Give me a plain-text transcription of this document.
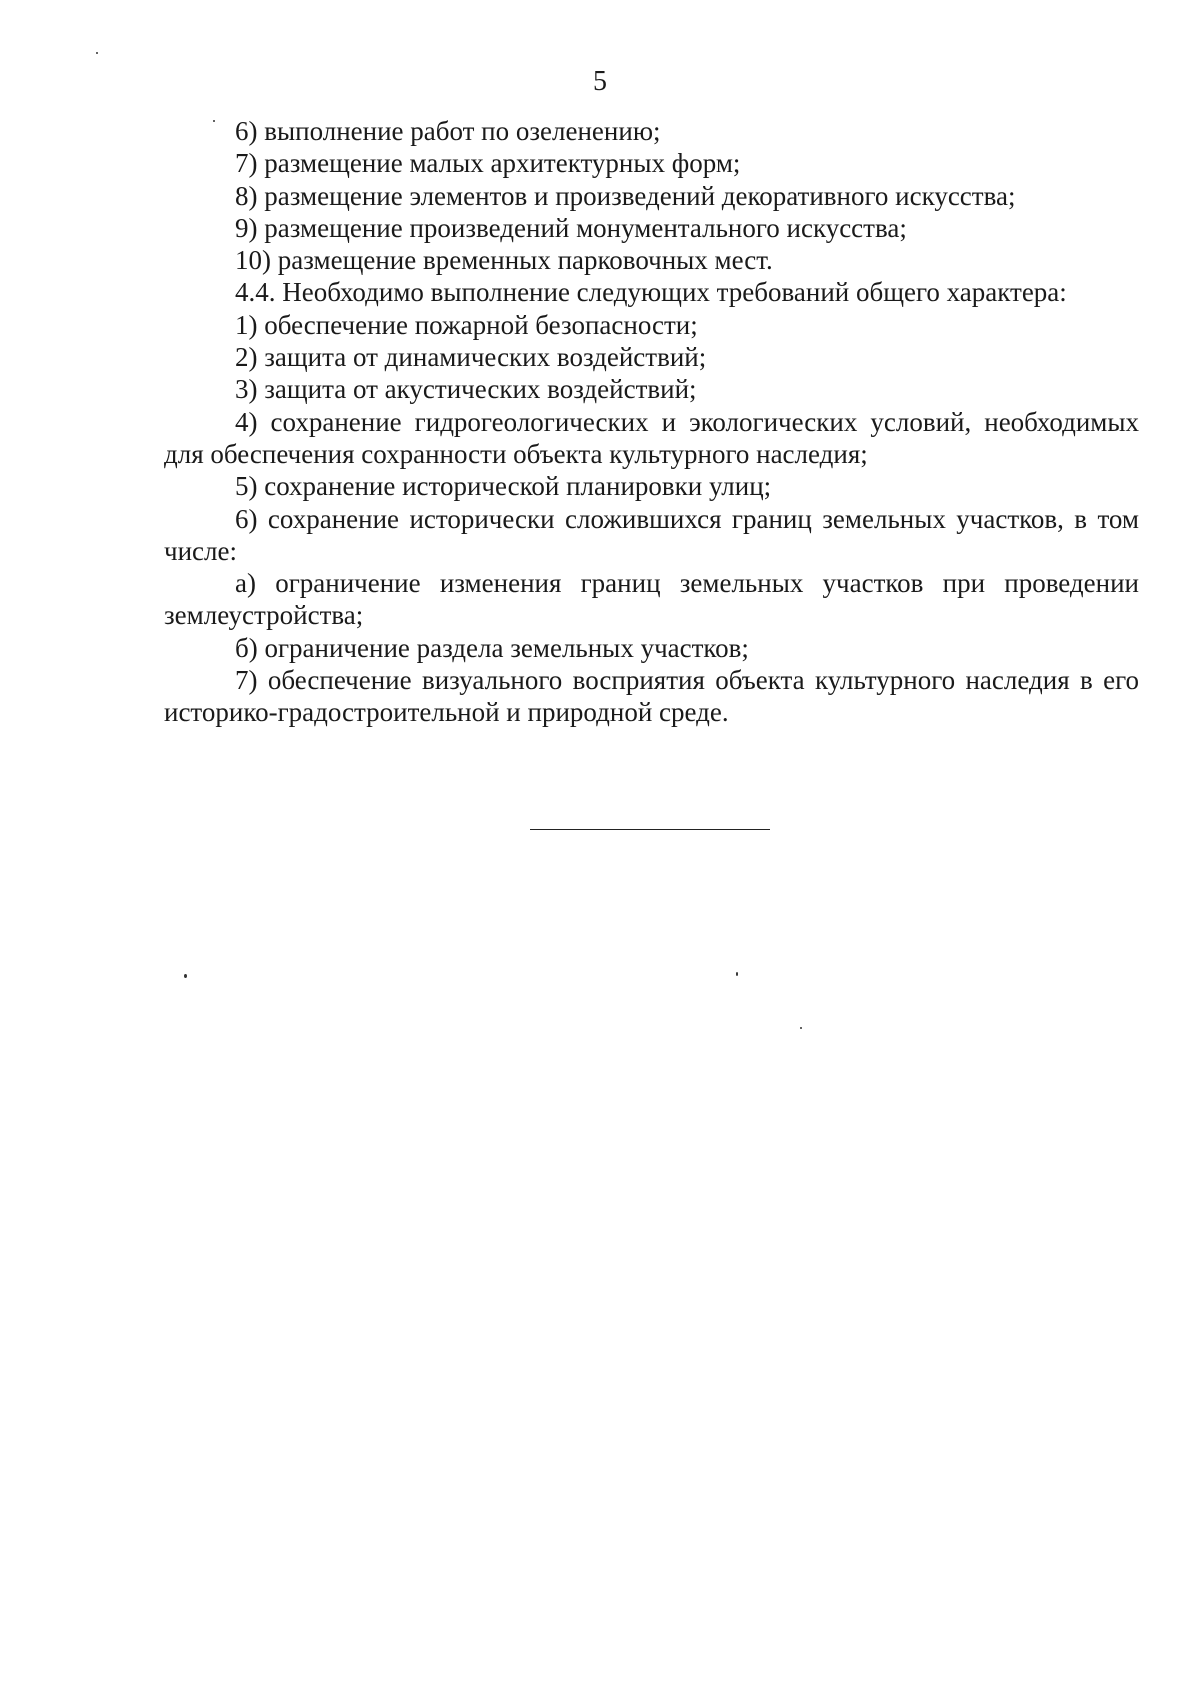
5

6) выполнение работ по озеленению;

7) размещение малых архитектурных форм;

8) размещение элементов и произведений декоративного искусства;

9) размещение произведений монументального искусства;

10) размещение временных парковочных мест.

4.4. Необходимо выполнение следующих требований общего характера:

1) обеспечение пожарной безопасности;

2) защита от динамических воздействий;

3) защита от акустических воздействий;

4) сохранение гидрогеологических и экологических условий, необходимых для обеспечения сохранности объекта культурного наследия;

5) сохранение исторической планировки улиц;

6) сохранение исторически сложившихся границ земельных участков, в том числе:

а) ограничение изменения границ земельных участков при проведении землеустройства;

б) ограничение раздела земельных участков;

7) обеспечение визуального восприятия объекта культурного наследия в его историко-градостроительной и природной среде.
